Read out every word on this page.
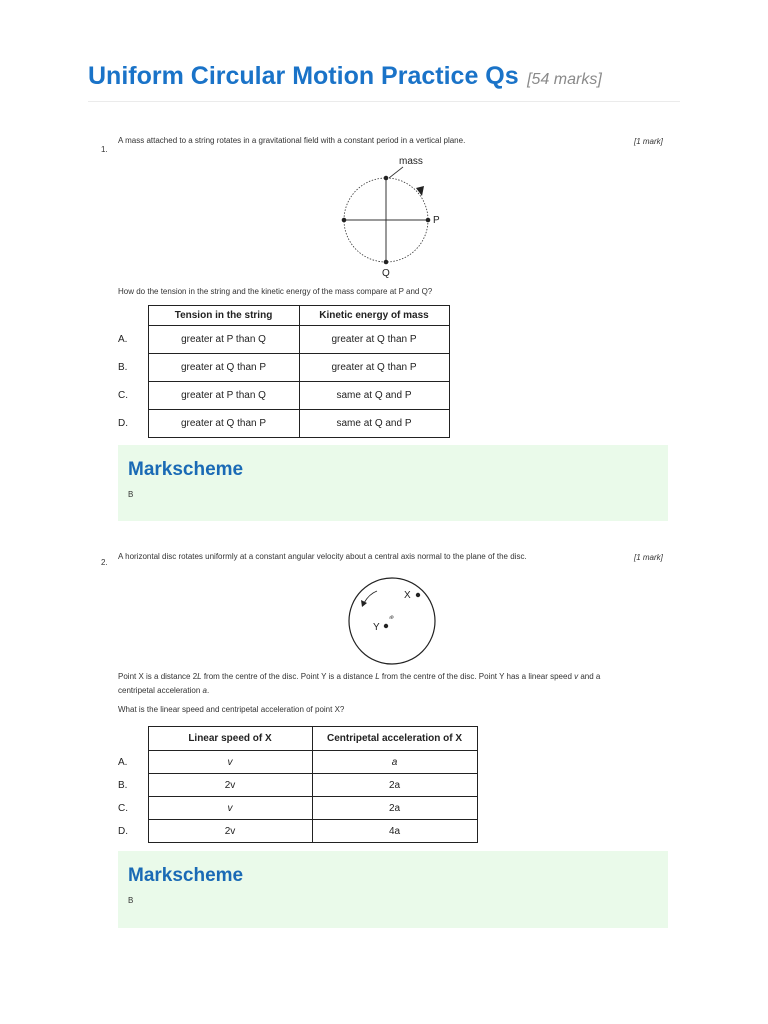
Uniform Circular Motion Practice Qs [54 marks]
1.
A mass attached to a string rotates in a gravitational field with a constant period in a vertical plane.	[1 mark]
mass
P
Q
How do the tension in the string and the kinetic energy of the mass compare at P and Q?
	Tension in the string	Kinetic energy of mass
A.	greater at P than Q	greater at Q than P
B.	greater at Q than P	greater at Q than P
C.	greater at P than Q	same at Q and P
D.	greater at Q than P	same at Q and P
Markscheme
B
2.
A horizontal disc rotates uniformly at a constant angular velocity about a central axis normal to the plane of the disc.	[1 mark]
X
Y
O
Point X is a distance 2L from the centre of the disc. Point Y is a distance L from the centre of the disc. Point Y has a linear speed v and a
centripetal acceleration a.
What is the linear speed and centripetal acceleration of point X?
	Linear speed of X	Centripetal acceleration of X
A.	v	a
B.	2v	2a
C.	v	2a
D.	2v	4a
Markscheme
B
